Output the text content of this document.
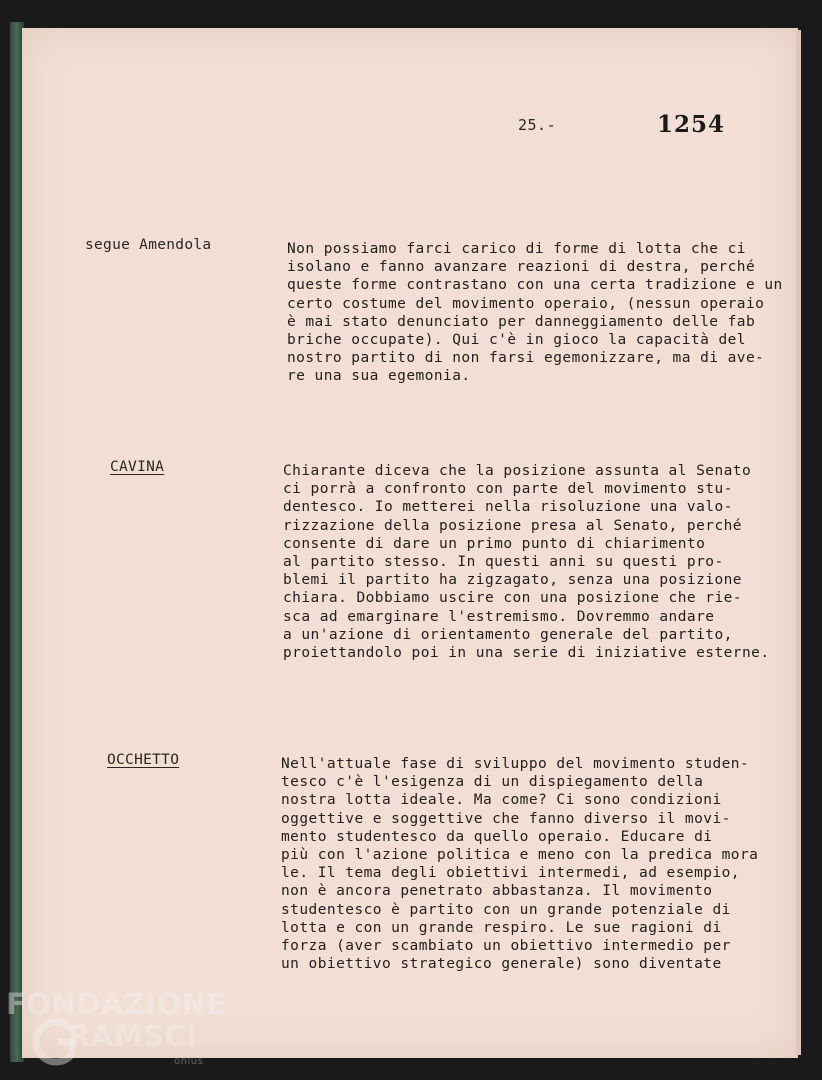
25.-	1254
segue Amendola	Non possiamo farci carico di forme di lotta che ci
isolano e fanno avanzare reazioni di destra, perché
queste forme contrastano con una certa tradizione e un
certo costume del movimento operaio, (nessun operaio
è mai stato denunciato per danneggiamento delle fab
briche occupate). Qui c'è in gioco la capacità del
nostro partito di non farsi egemonizzare, ma di ave-
re una sua egemonia.
CAVINA	Chiarante diceva che la posizione assunta al Senato
ci porrà a confronto con parte del movimento stu-
dentesco. Io metterei nella risoluzione una valo-
rizzazione della posizione presa al Senato, perché
consente di dare un primo punto di chiarimento
al partito stesso. In questi anni su questi pro-
blemi il partito ha zigzagato, senza una posizione
chiara. Dobbiamo uscire con una posizione che rie-
sca ad emarginare l'estremismo. Dovremmo andare
a un'azione di orientamento generale del partito,
proiettandolo poi in una serie di iniziative esterne.
OCCHETTO	Nell'attuale fase di sviluppo del movimento studen-
tesco c'è l'esigenza di un dispiegamento della
nostra lotta ideale. Ma come? Ci sono condizioni
oggettive e soggettive che fanno diverso il movi-
mento studentesco da quello operaio. Educare di
più con l'azione politica e meno con la predica mora
le. Il tema degli obiettivi intermedi, ad esempio,
non è ancora penetrato abbastanza. Il movimento
studentesco è partito con un grande potenziale di
lotta e con un grande respiro. Le sue ragioni di
forza (aver scambiato un obiettivo intermedio per
un obiettivo strategico generale) sono diventate
FONDAZIONE
RAMSCI
onlus
